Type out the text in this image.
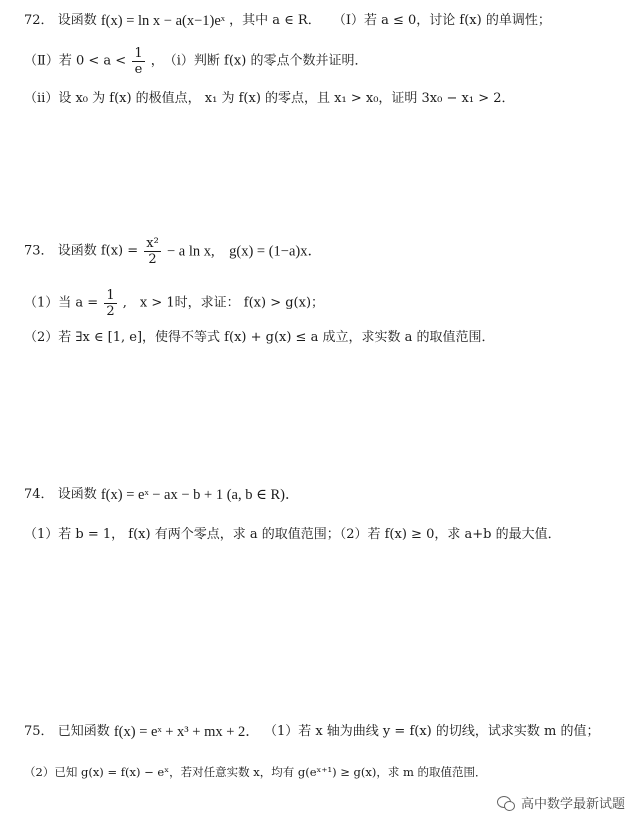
72． 设函数 f(x) = ln x − a(x−1)eˣ ，其中 a ∈ R． （Ⅰ）若 a ≤ 0，讨论 f(x) 的单调性；
（Ⅱ）若 $0 < a < \frac{1}{e}$ ，　（ⅰ）判断 f(x) 的零点个数并证明．
（ⅱ）设 x₀ 为 f(x) 的极值点， x₁ 为 f(x) 的零点，且 x₁ > x₀，证明 3x₀ − x₁ > 2．
73． 设函数 $f(x) = \frac{\text{x²}}{2} - a$ ln x,　g(x) = (1−a)x．
（1）当 $a = \frac{1}{2}$ ,　x > 1时，求证： f(x) > g(x)；
（2）若 ∃x ∈ [1, e]，使得不等式 f(x) + g(x) ≤ a 成立，求实数 a 的取值范围．
74． 设函数 f(x) = eˣ − ax − b + 1 (a, b ∈ R)．
（1）若 b = 1， f(x) 有两个零点，求 a 的取值范围；（2）若 f(x) ≥ 0，求 a+b 的最大值．
75． 已知函数 f(x) = eˣ + x³ + mx + 2． （1）若 x 轴为曲线 y = f(x) 的切线，试求实数 m 的值；
（2）已知 g(x) = f(x) − eˣ，若对任意实数 x，均有 g(eˣ⁺¹) ≥ g(x)，求 m 的取值范围．
高中数学最新试题
